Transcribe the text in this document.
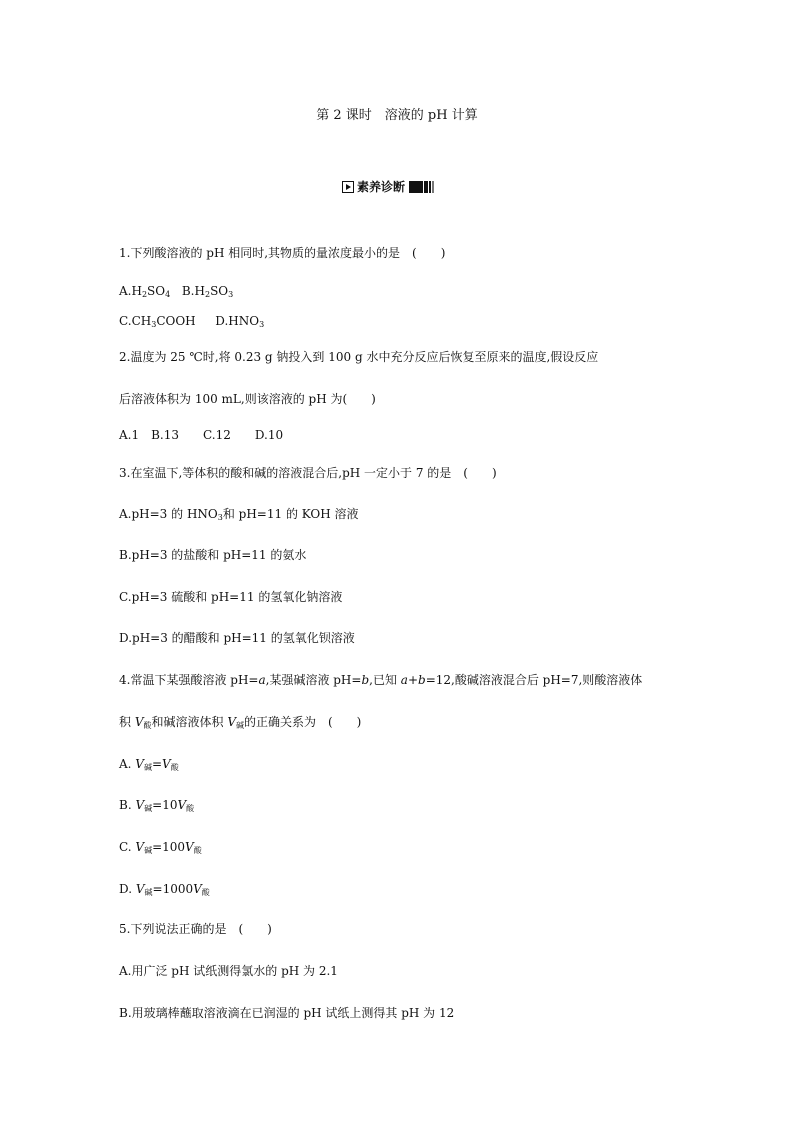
第 2 课时　溶液的 pH 计算
素养诊断
1.下列酸溶液的 pH 相同时,其物质的量浓度最小的是　(　　)
$A.H_2SO_4$ $B.H_2SO_3$
$C.CH_3COOH$ $D.HNO_3$
2.温度为 25 ℃时,将 0.23 g 钠投入到 100 g 水中充分反应后恢复至原来的温度,假设反应
后溶液体积为 100 mL,则该溶液的 pH 为(　　)
A.1　B.13　　C.12　　D.10
3.在室温下,等体积的酸和碱的溶液混合后,pH 一定小于 7 的是　(　　)
A.pH=3 的 $HNO_3$和 pH=11 的 KOH 溶液
B.pH=3 的盐酸和 pH=11 的氨水
C.pH=3 硫酸和 pH=11 的氢氧化钠溶液
D.pH=3 的醋酸和 pH=11 的氢氧化钡溶液
4.常温下某强酸溶液 pH=a,某强碱溶液 pH=b,已知 a+b=12,酸碱溶液混合后 pH=7,则酸溶液体
积 $V_酸$和碱溶液体积 $V_碱$的正确关系为　(　　)
A. $V_碱=V_酸$
B. $V_碱=10V_酸$
C. $V_碱=100V_酸$
D. $V_碱=1000V_酸$
5.下列说法正确的是　(　　)
A.用广泛 pH 试纸测得氯水的 pH 为 2.1
B.用玻璃棒蘸取溶液滴在已润湿的 pH 试纸上测得其 pH 为 12
